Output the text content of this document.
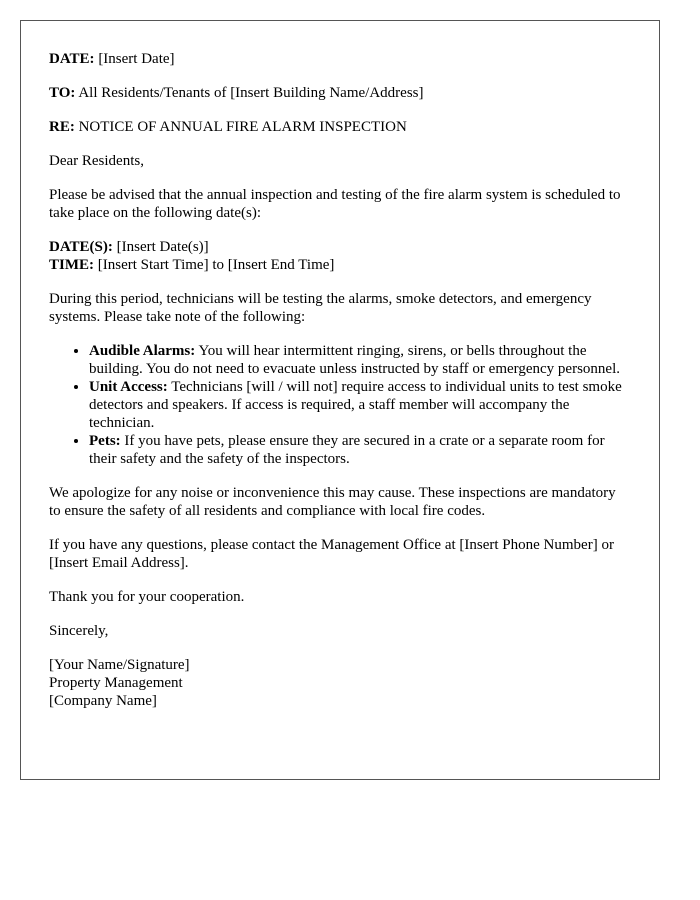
DATE: [Insert Date]

TO: All Residents/Tenants of [Insert Building Name/Address]

RE: NOTICE OF ANNUAL FIRE ALARM INSPECTION

Dear Residents,

Please be advised that the annual inspection and testing of the fire alarm system is scheduled to take place on the following date(s):

DATE(S): [Insert Date(s)]
TIME: [Insert Start Time] to [Insert End Time]

During this period, technicians will be testing the alarms, smoke detectors, and emergency systems. Please take note of the following:

• Audible Alarms: You will hear intermittent ringing, sirens, or bells throughout the building. You do not need to evacuate unless instructed by staff or emergency personnel.
• Unit Access: Technicians [will / will not] require access to individual units to test smoke detectors and speakers. If access is required, a staff member will accompany the technician.
• Pets: If you have pets, please ensure they are secured in a crate or a separate room for their safety and the safety of the inspectors.

We apologize for any noise or inconvenience this may cause. These inspections are mandatory to ensure the safety of all residents and compliance with local fire codes.

If you have any questions, please contact the Management Office at [Insert Phone Number] or [Insert Email Address].

Thank you for your cooperation.

Sincerely,

[Your Name/Signature]
Property Management
[Company Name]
